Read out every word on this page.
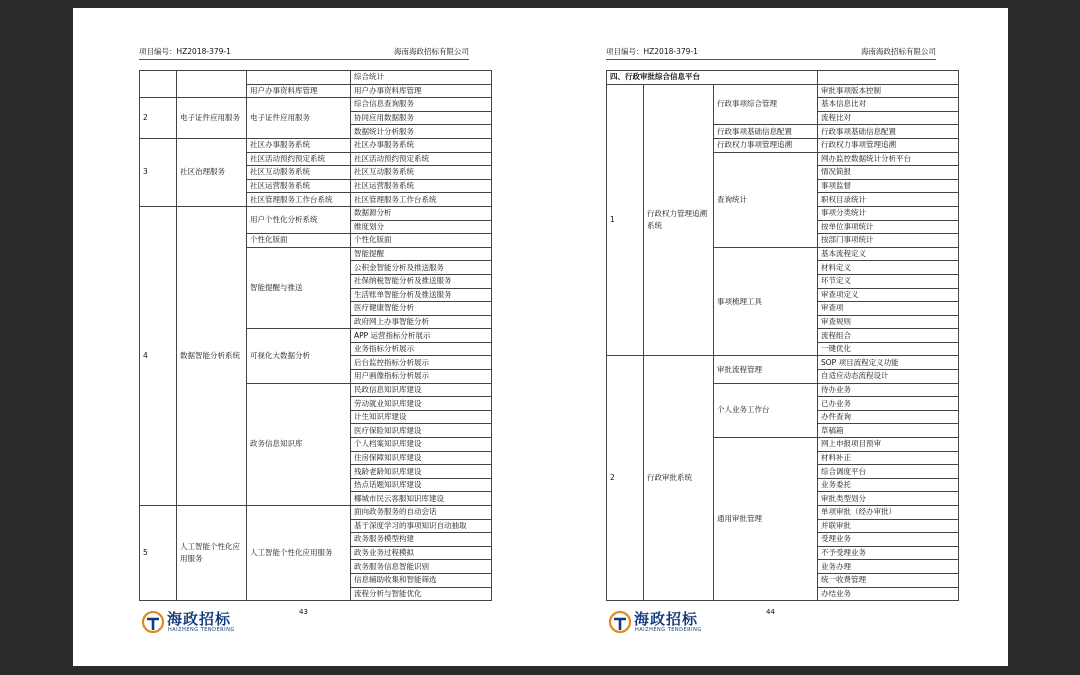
项目编号：HZ2018-379-1	海南海政招标有限公司
			综合统计
		用户办事资料库管理	用户办事资料库管理
2	电子证件应用服务	电子证件应用服务	综合信息查询服务
			协同应用数据服务
			数据统计分析服务
3	社区治理服务	社区办事服务系统	社区办事服务系统
		社区活动预约预定系统	社区活动预约预定系统
		社区互动服务系统	社区互动服务系统
		社区运营服务系统	社区运营服务系统
		社区管理服务工作台系统	社区管理服务工作台系统
4	数据智能分析系统	用户个性化分析系统	数据源分析
			维度划分
		个性化版面	个性化版面
		智能提醒与推送	智能提醒
			公积金智能分析及推送服务
			社保纳税智能分析及推送服务
			生活账单智能分析及推送服务
			医疗健康智能分析
			政府网上办事智能分析
		可视化大数据分析	APP 运营指标分析展示
			业务指标分析展示
			后台监控指标分析展示
			用户画像指标分析展示
		政务信息知识库	民政信息知识库建设
			劳动就业知识库建设
			计生知识库建设
			医疗保险知识库建设
			个人档案知识库建设
			住房保障知识库建设
			残龄老龄知识库建设
			热点话题知识库建设
			椰城市民云客服知识库建设
5	人工智能个性化应用服务	人工智能个性化应用服务	面向政务服务的自动会话
			基于深度学习的事项知识自动抽取
			政务服务模型构建
			政务业务过程模拟
			政务服务信息智能识别
			信息辅助收集和智能筛选
			流程分析与智能优化
43
海政招标
HAIZHENG TENDERING
项目编号：HZ2018-379-1	海南海政招标有限公司
四、行政审批综合信息平台			
1	行政权力管理追溯系统	行政事项综合管理	审批事项版本控制
			基本信息比对
			流程比对
		行政事项基础信息配置	行政事项基础信息配置
		行政权力事项管理追溯	行政权力事项管理追溯
		查询统计	网办监控数据统计分析平台
			情况简报
			事项监督
			职权目录统计
			事项分类统计
			按单位事项统计
			按部门事项统计
		事项梳理工具	基本流程定义
			材料定义
			环节定义
			审查项定义
			审查项
			审查规则
			流程组合
			一键优化
2	行政审批系统	审批流程管理	SOP 项目流程定义功能
			自适应动态流程设计
		个人业务工作台	待办业务
			已办业务
			办件查询
			草稿箱
		通用审批管理	网上申报项目预审
			材料补正
			综合调度平台
			业务委托
			审批类型划分
			单项审批（经办审批）
			并联审批
			受理业务
			不予受理业务
			业务办理
			统一收费管理
			办结业务
44
海政招标
HAIZHENG TENDERING
